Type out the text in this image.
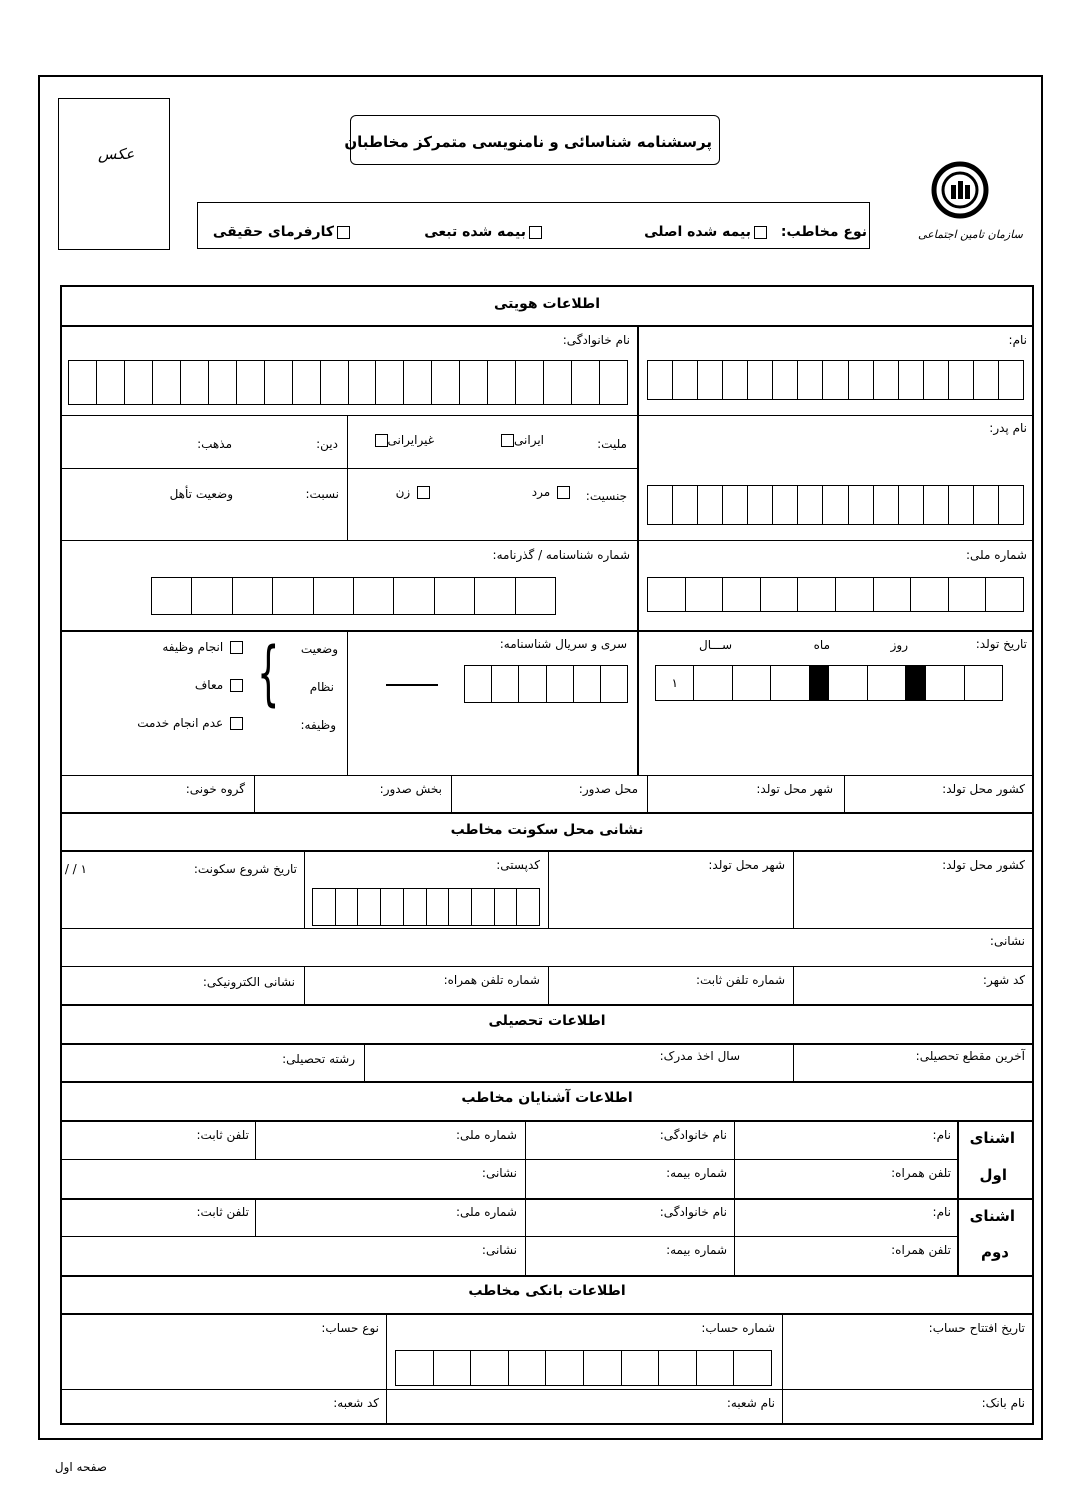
عکس
پرسشنامه شناسائی و نامنویسی متمرکز مخاطبان
سازمان تامین اجتماعی
نوع مخاطب:
بیمه شده اصلی
بیمه شده تبعی
کارفرمای حقیقی
اطلاعات هویتی
نام:
نام خانوادگی:
نام پدر:
ملیت:
ایرانی
غیرایرانی
دین:
مذهب:
جنسیت:
مرد
زن
نسبت:
وضعیت تأهل
شماره ملی:
شماره شناسنامه / گذرنامه:
تاریخ تولد:
روز
ماه
ســـال
۱
سری و سریال شناسنامه:
وضعیت
نظام
وظیفه:
}
انجام وظیفه
معاف
عدم انجام خدمت
کشور محل تولد:
شهر محل تولد:
محل صدور:
بخش صدور:
گروه خونی:
نشانی محل سکونت مخاطب
کشور محل تولد:
شهر محل تولد:
کدپستی:
تاریخ شروع سکونت:
/ / ۱
نشانی:
کد شهر:
شماره تلفن ثابت:
شماره تلفن همراه:
نشانی الکترونیکی:
اطلاعات تحصیلی
آخرین مقطع تحصیلی:
سال اخذ مدرک:
رشته تحصیلی:
اطلاعات آشنایان مخاطب
اشنای
اول
اشنای
دوم
نام:
نام خانوادگی:
شماره ملی:
تلفن ثابت:
تلفن همراه:
شماره بیمه:
نشانی:
نام:
نام خانوادگی:
شماره ملی:
تلفن ثابت:
تلفن همراه:
شماره بیمه:
نشانی:
اطلاعات بانکی مخاطب
تاریخ افتتاح حساب:
شماره حساب:
نوع حساب:
نام بانک:
نام شعبه:
کد شعبه:
صفحه اول
